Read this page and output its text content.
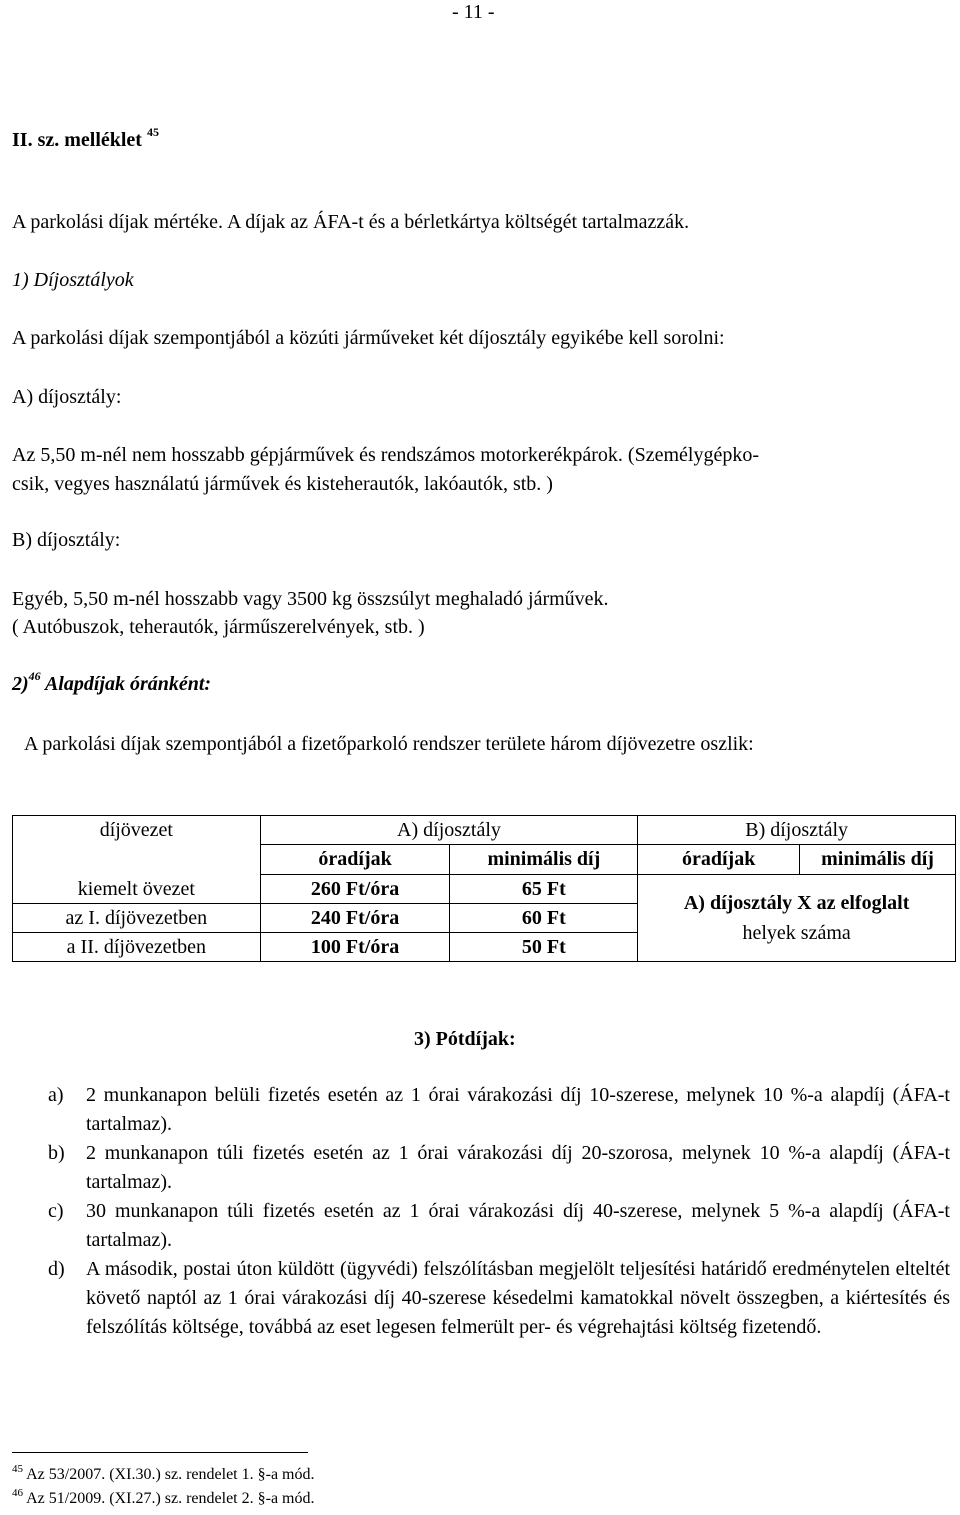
- 11 -
II. sz. melléklet $^{45}$
A parkolási díjak mértéke. A díjak az ÁFA-t és a bérletkártya költségét tartalmazzák.
1) Díjosztályok
A parkolási díjak szempontjából a közúti járműveket két díjosztály egyikébe kell sorolni:
A) díjosztály:
Az 5,50 m-nél nem hosszabb gépjárművek és rendszámos motorkerékpárok. (Személygépko-
csik, vegyes használatú járművek és kisteherautók, lakóautók, stb. )
B) díjosztály:
Egyéb, 5,50 m-nél hosszabb vagy 3500 kg összsúlyt meghaladó járművek.
( Autóbuszok, teherautók, járműszerelvények, stb. )
2)$^{46}$ Alapdíjak óránként:
A parkolási díjak szempontjából a fizetőparkoló rendszer területe három díjövezetre oszlik:
díjövezet	A) díjosztály		B) díjosztály	
	óradíjak	minimális díj	óradíjak	minimális díj
kiemelt övezet	260 Ft/óra	65 Ft	A) díjosztály X az elfoglalt
helyek száma	

az I. díjövezetben	240 Ft/óra	60 Ft		
a II. díjövezetben	100 Ft/óra	50 Ft		
3) Pótdíjak:
a) 2 munkanapon belüli fizetés esetén az 1 órai várakozási díj 10-szerese, melynek 10 %-a alapdíj (ÁFA-t tartalmaz).
b) 2 munkanapon túli fizetés esetén az 1 órai várakozási díj 20-szorosa, melynek 10 %-a alapdíj (ÁFA-t tartalmaz).
c) 30 munkanapon túli fizetés esetén az 1 órai várakozási díj 40-szerese, melynek 5 %-a alapdíj (ÁFA-t tartalmaz).
d) A második, postai úton küldött (ügyvédi) felszólításban megjelölt teljesítési határidő eredménytelen elteltét követő naptól az 1 órai várakozási díj 40-szerese késedelmi kamatokkal növelt összegben, a kiértesítés és felszólítás költsége, továbbá az eset legesen felmerült per- és végrehajtási költség fizetendő.
$^{45}$ Az 53/2007. (XI.30.) sz. rendelet 1. §-a mód.
$^{46}$ Az 51/2009. (XI.27.) sz. rendelet 2. §-a mód.
